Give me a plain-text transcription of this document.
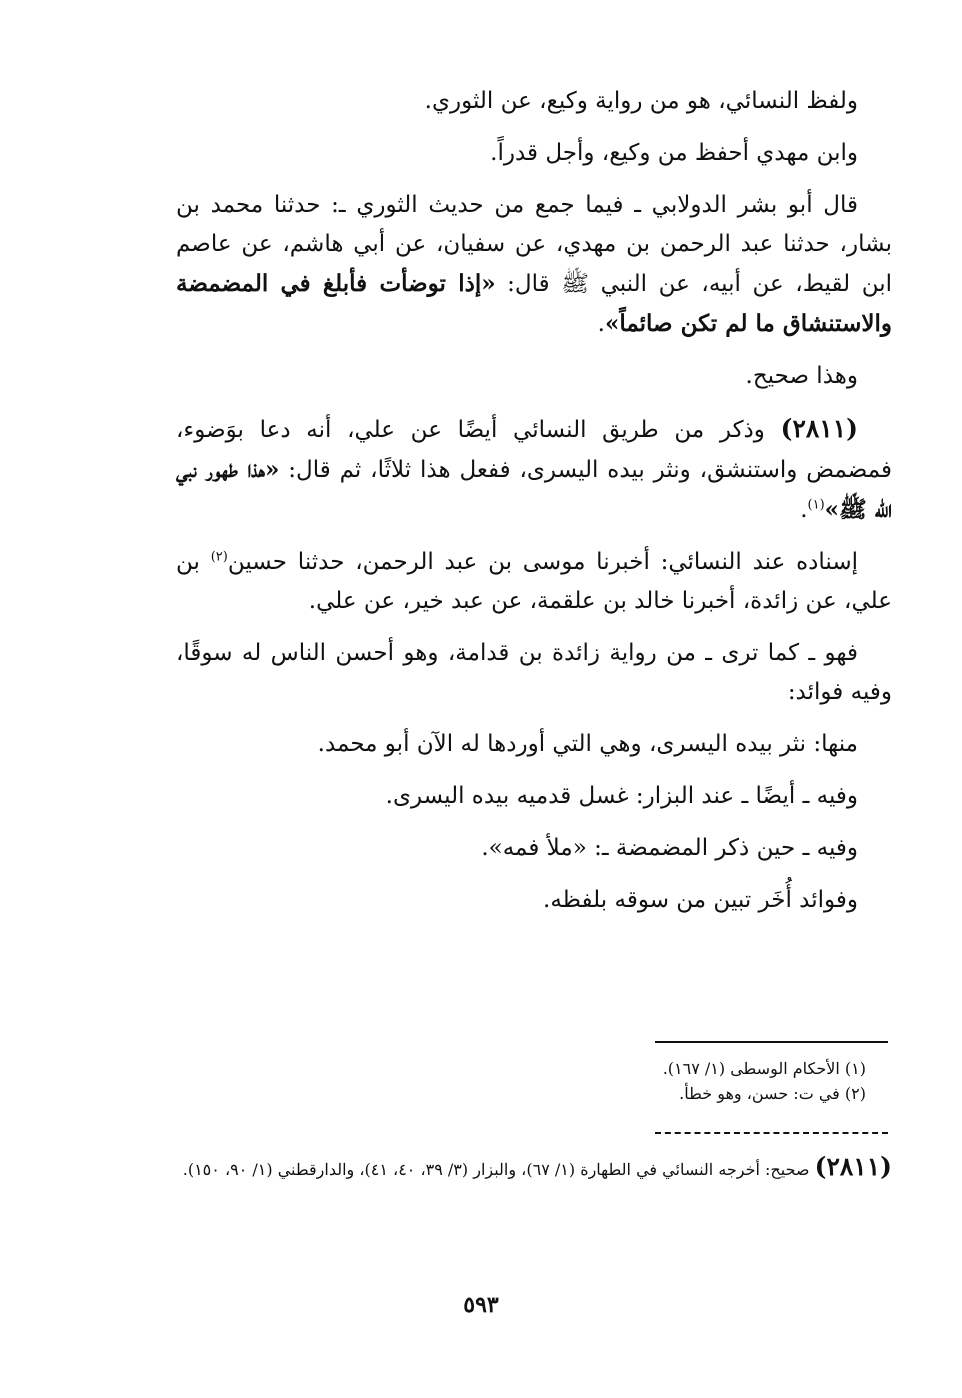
ولفظ النسائي، هو من رواية وكيع، عن الثوري.

وابن مهدي أحفظ من وكيع، وأجل قدراً.

قال أبو بشر الدولابي ـ فيما جمع من حديث الثوري ـ: حدثنا محمد بن بشار، حدثنا عبد الرحمن بن مهدي، عن سفيان، عن أبي هاشم، عن عاصم ابن لقيط، عن أبيه، عن النبي ﷺ قال: «إذا توضأت فأبلغ في المضمضة والاستنشاق ما لم تكن صائماً».

وهذا صحيح.

(٢٨١١) وذكر من طريق النسائي أيضًا عن علي، أنه دعا بوَضوء، فمضمض واستنشق، ونثر بيده اليسرى، ففعل هذا ثلاثًا، ثم قال: «هذا طهور نبي الله ﷺ»$^{(١)}$.

إسناده عند النسائي: أخبرنا موسى بن عبد الرحمن، حدثنا حسين$^{(٢)}$ بن علي، عن زائدة، أخبرنا خالد بن علقمة، عن عبد خير، عن علي.

فهو ـ كما ترى ـ من رواية زائدة بن قدامة، وهو أحسن الناس له سوقًا، وفيه فوائد:

منها: نثر بيده اليسرى، وهي التي أوردها له الآن أبو محمد.

وفيه ـ أيضًا ـ عند البزار: غسل قدميه بيده اليسرى.

وفيه ـ حين ذكر المضمضة ـ: «ملأ فمه».

وفوائد أُخَر تبين من سوقه بلفظه.

(١) الأحكام الوسطى (١/ ١٦٧).
(٢) في ت: حسن، وهو خطأ.
(٢٨١١) صحيح: أخرجه النسائي في الطهارة (١/ ٦٧)، والبزار (٣/ ٣٩، ٤٠، ٤١)، والدارقطني (١/ ٩٠، ١٥٠).
٥٩٣
